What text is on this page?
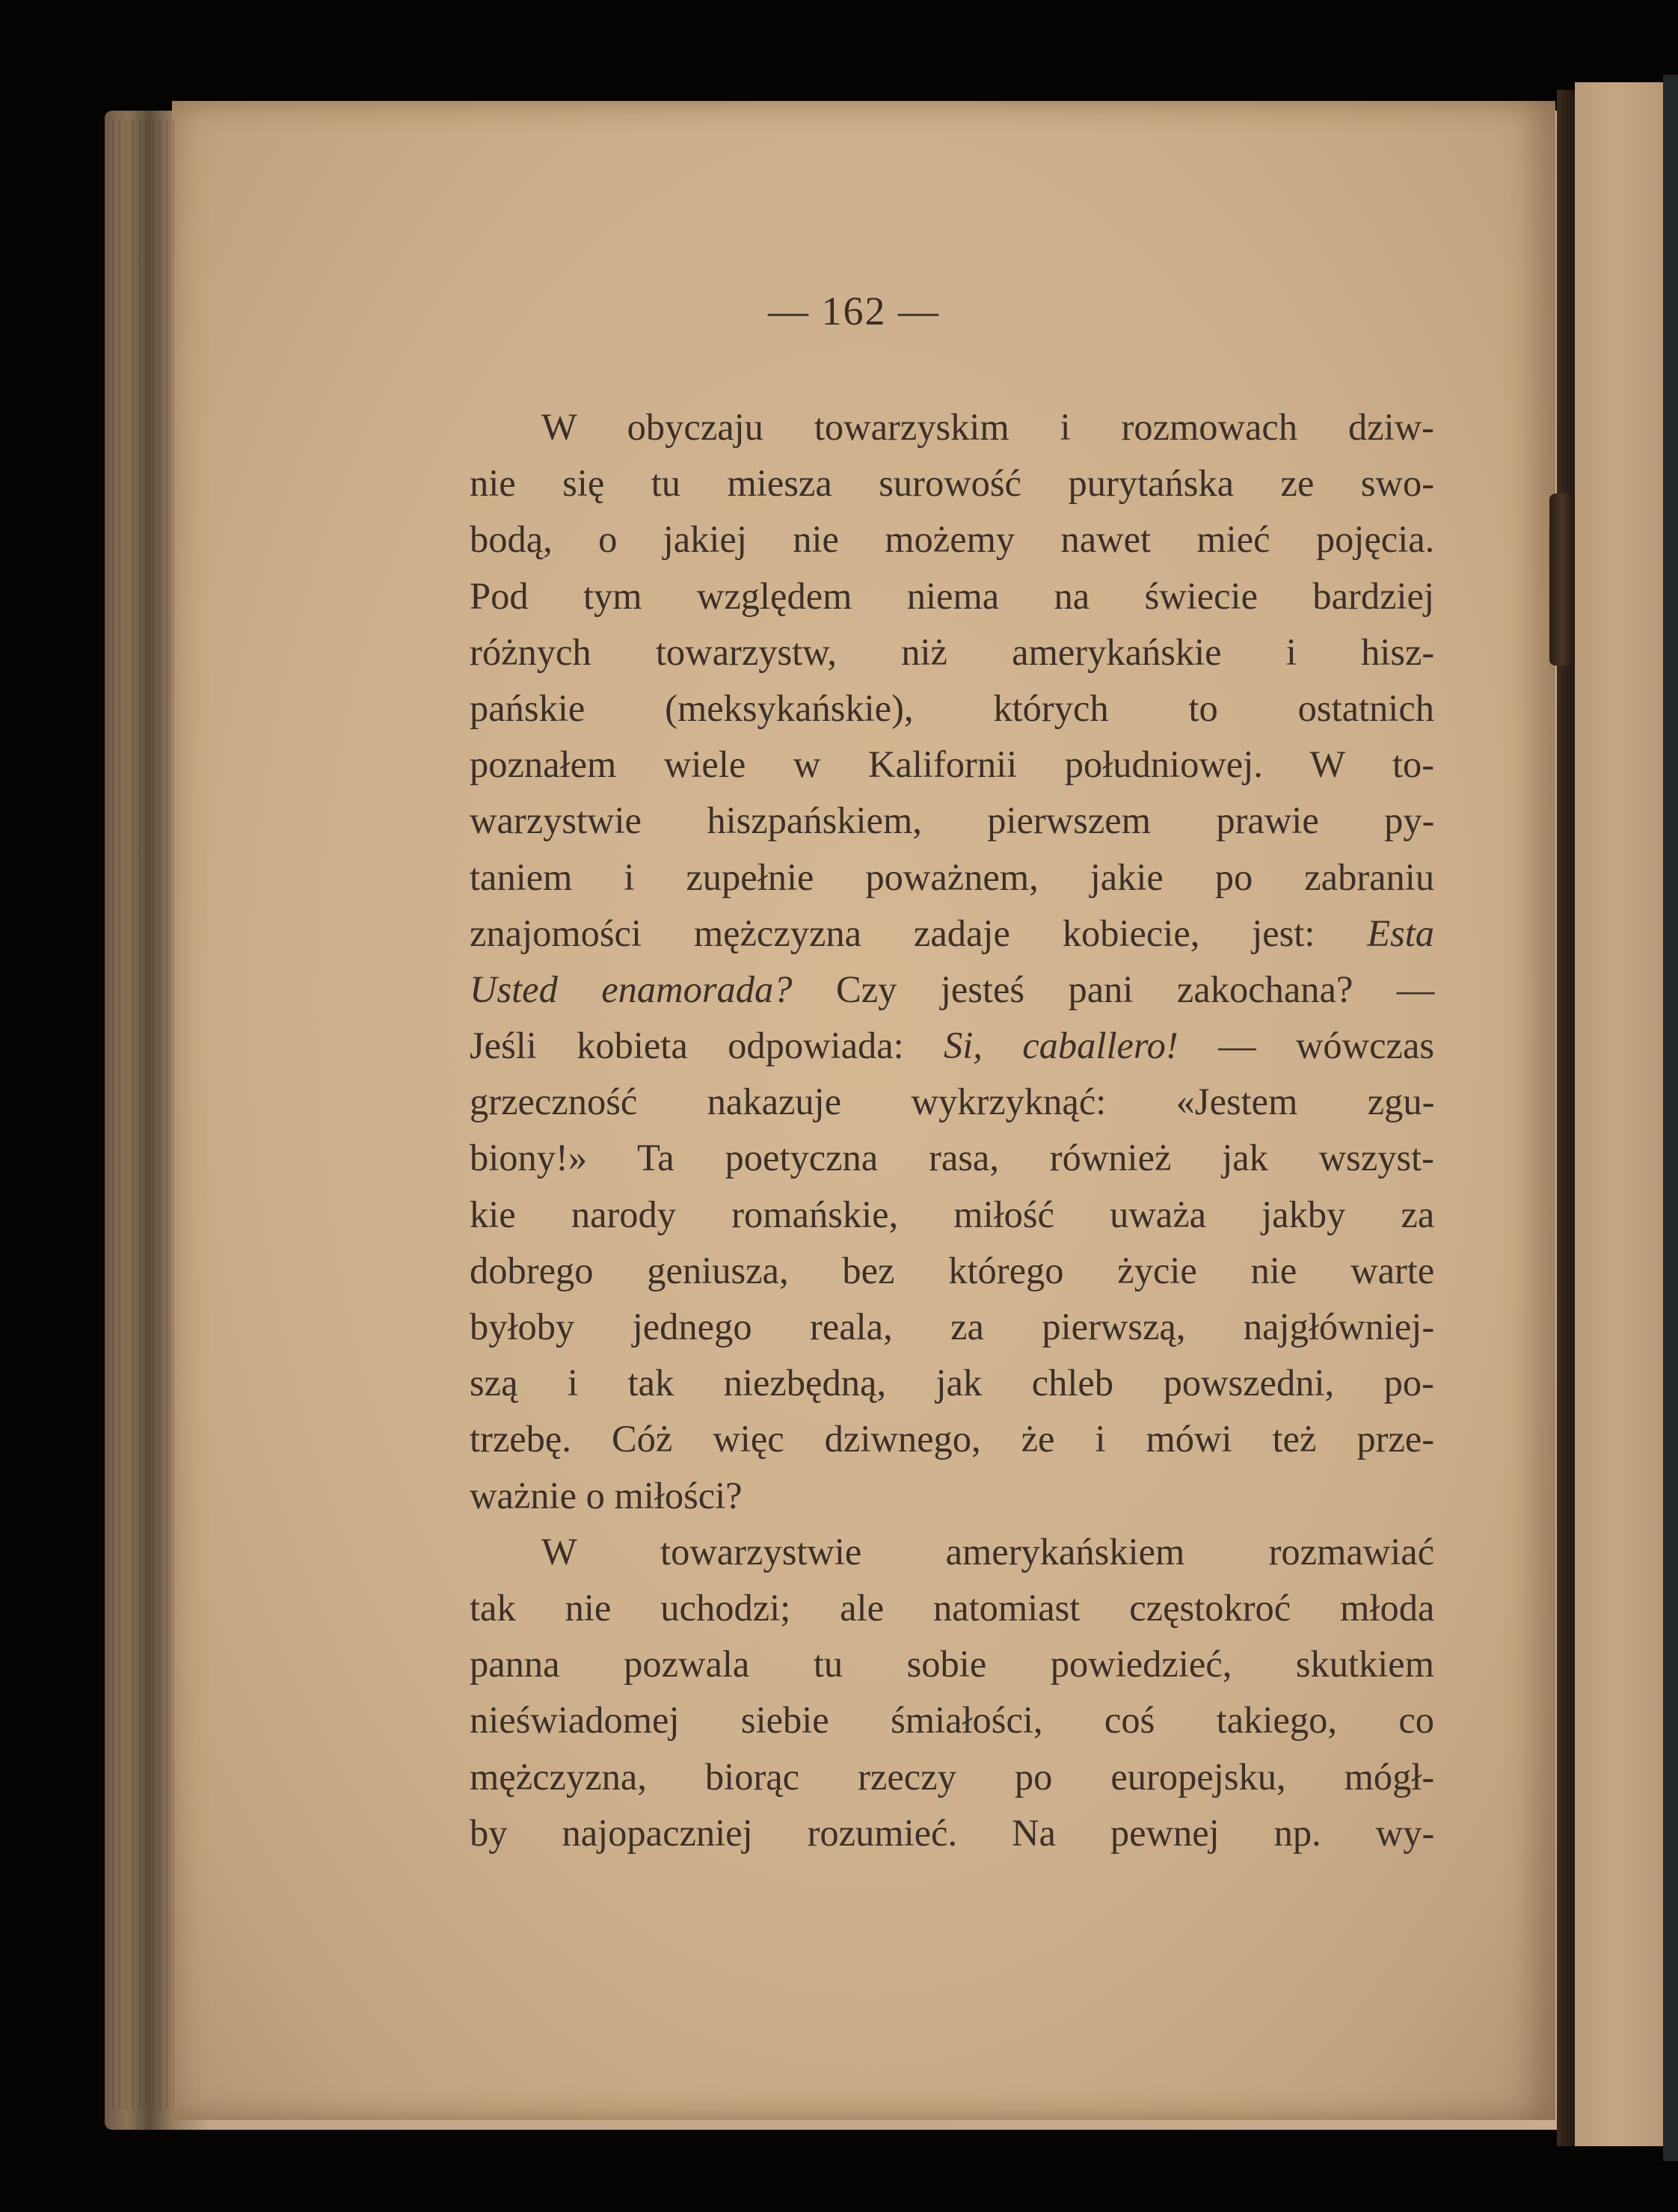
— 162 —
W obyczaju towarzyskim i rozmowach dziw-
nie się tu miesza surowość purytańska ze swo-
bodą, o jakiej nie możemy nawet mieć pojęcia.
Pod tym względem niema na świecie bardziej
różnych towarzystw, niż amerykańskie i hisz-
pańskie (meksykańskie), których to ostatnich
poznałem wiele w Kalifornii południowej. W to-
warzystwie hiszpańskiem, pierwszem prawie py-
taniem i zupełnie poważnem, jakie po zabraniu
znajomości mężczyzna zadaje kobiecie, jest: Esta
Usted enamorada? Czy jesteś pani zakochana? —
Jeśli kobieta odpowiada: Si, caballero! — wówczas
grzeczność nakazuje wykrzyknąć: «Jestem zgu-
biony!» Ta poetyczna rasa, również jak wszyst-
kie narody romańskie, miłość uważa jakby za
dobrego geniusza, bez którego życie nie warte
byłoby jednego reala, za pierwszą, najgłówniej-
szą i tak niezbędną, jak chleb powszedni, po-
trzebę. Cóż więc dziwnego, że i mówi też prze-
ważnie o miłości?
W towarzystwie amerykańskiem rozmawiać
tak nie uchodzi; ale natomiast częstokroć młoda
panna pozwala tu sobie powiedzieć, skutkiem
nieświadomej siebie śmiałości, coś takiego, co
mężczyzna, biorąc rzeczy po europejsku, mógł-
by najopaczniej rozumieć. Na pewnej np. wy-
